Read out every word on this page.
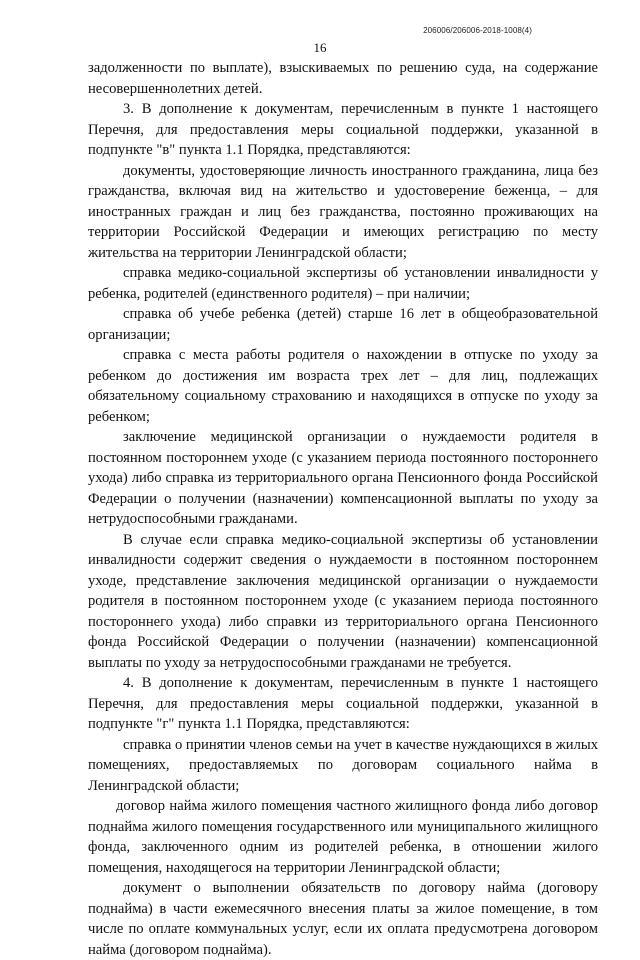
206006/206006-2018-1008(4)
16

задолженности по выплате), взыскиваемых по решению суда, на содержание несовершеннолетних детей.

3. В дополнение к документам, перечисленным в пункте 1 настоящего Перечня, для предоставления меры социальной поддержки, указанной в подпункте "в" пункта 1.1 Порядка, представляются:

документы, удостоверяющие личность иностранного гражданина, лица без гражданства, включая вид на жительство и удостоверение беженца, – для иностранных граждан и лиц без гражданства, постоянно проживающих на территории Российской Федерации и имеющих регистрацию по месту жительства на территории Ленинградской области;

справка медико-социальной экспертизы об установлении инвалидности у ребенка, родителей (единственного родителя) – при наличии;

справка об учебе ребенка (детей) старше 16 лет в общеобразовательной организации;

справка с места работы родителя о нахождении в отпуске по уходу за ребенком до достижения им возраста трех лет – для лиц, подлежащих обязательному социальному страхованию и находящихся в отпуске по уходу за ребенком;

заключение медицинской организации о нуждаемости родителя в постоянном постороннем уходе (с указанием периода постоянного постороннего ухода) либо справка из территориального органа Пенсионного фонда Российской Федерации о получении (назначении) компенсационной выплаты по уходу за нетрудоспособными гражданами.

В случае если справка медико-социальной экспертизы об установлении инвалидности содержит сведения о нуждаемости в постоянном постороннем уходе, представление заключения медицинской организации о нуждаемости родителя в постоянном постороннем уходе (с указанием периода постоянного постороннего ухода) либо справки из территориального органа Пенсионного фонда Российской Федерации о получении (назначении) компенсационной выплаты по уходу за нетрудоспособными гражданами не требуется.

4. В дополнение к документам, перечисленным в пункте 1 настоящего Перечня, для предоставления меры социальной поддержки, указанной в подпункте "г" пункта 1.1 Порядка, представляются:

справка о принятии членов семьи на учет в качестве нуждающихся в жилых помещениях, предоставляемых по договорам социального найма в Ленинградской области;

договор найма жилого помещения частного жилищного фонда либо договор поднайма жилого помещения государственного или муниципального жилищного фонда, заключенного одним из родителей ребенка, в отношении жилого помещения, находящегося на территории Ленинградской области;

документ о выполнении обязательств по договору найма (договору поднайма) в части ежемесячного внесения платы за жилое помещение, в том числе по оплате коммунальных услуг, если их оплата предусмотрена договором найма (договором поднайма).
